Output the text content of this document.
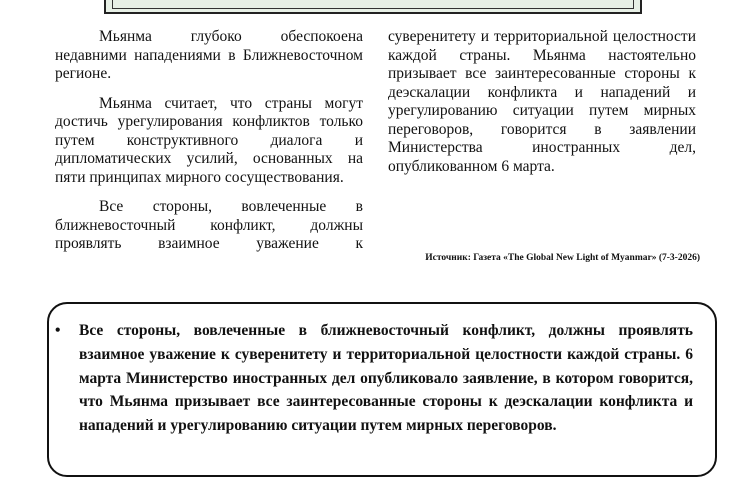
Мьянма глубоко обеспокоена недавними нападениями в Ближневосточном регионе.

Мьянма считает, что страны могут достичь урегулирования конфликтов только путем конструктивного диалога и дипломатических усилий, основанных на пяти принципах мирного сосуществования.

Все стороны, вовлеченные в ближневосточный конфликт, должны проявлять взаимное уважение к

суверенитету и территориальной целостности каждой страны. Мьянма настоятельно призывает все заинтересованные стороны к деэскалации конфликта и нападений и урегулированию ситуации путем мирных переговоров, говорится в заявлении Министерства иностранных дел, опубликованном 6 марта.

Источник: Газета «The Global New Light of Myanmar» (7-3-2026)
• Все стороны, вовлеченные в ближневосточный конфликт, должны проявлять взаимное уважение к суверенитету и территориальной целостности каждой страны. 6 марта Министерство иностранных дел опубликовало заявление, в котором говорится, что Мьянма призывает все заинтересованные стороны к деэскалации конфликта и нападений и урегулированию ситуации путем мирных переговоров.
